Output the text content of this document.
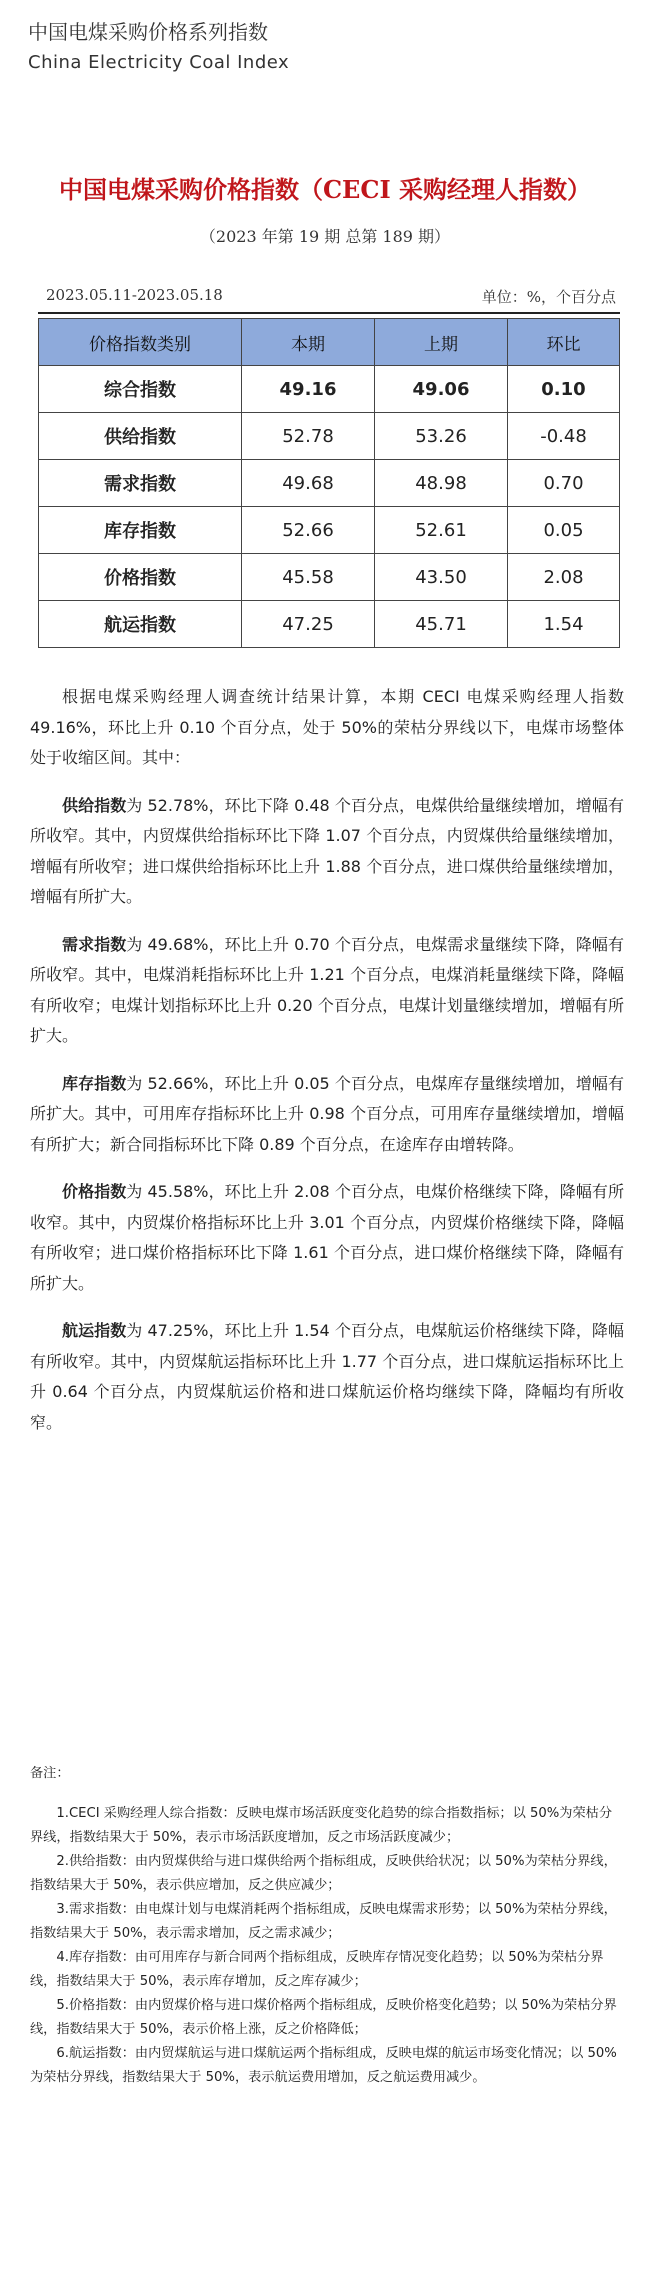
中国电煤采购价格系列指数
China Electricity Coal Index
中国电煤采购价格指数（CECI 采购经理人指数）
（2023 年第 19 期 总第 189 期）
2023.05.11-2023.05.18	单位：%，个百分点
价格指数类别	本期	上期	环比
综合指数	49.16	49.06	0.10
供给指数	52.78	53.26	-0.48
需求指数	49.68	48.98	0.70
库存指数	52.66	52.61	0.05
价格指数	45.58	43.50	2.08
航运指数	47.25	45.71	1.54

根据电煤采购经理人调查统计结果计算，本期 CECI 电煤采购经理人指数 49.16%，环比上升 0.10 个百分点，处于 50%的荣枯分界线以下，电煤市场整体处于收缩区间。其中：

供给指数为 52.78%，环比下降 0.48 个百分点，电煤供给量继续增加，增幅有所收窄。其中，内贸煤供给指标环比下降 1.07 个百分点，内贸煤供给量继续增加，增幅有所收窄；进口煤供给指标环比上升 1.88 个百分点，进口煤供给量继续增加，增幅有所扩大。

需求指数为 49.68%，环比上升 0.70 个百分点，电煤需求量继续下降，降幅有所收窄。其中，电煤消耗指标环比上升 1.21 个百分点，电煤消耗量继续下降，降幅有所收窄；电煤计划指标环比上升 0.20 个百分点，电煤计划量继续增加，增幅有所扩大。

库存指数为 52.66%，环比上升 0.05 个百分点，电煤库存量继续增加，增幅有所扩大。其中，可用库存指标环比上升 0.98 个百分点，可用库存量继续增加，增幅有所扩大；新合同指标环比下降 0.89 个百分点，在途库存由增转降。

价格指数为 45.58%，环比上升 2.08 个百分点，电煤价格继续下降，降幅有所收窄。其中，内贸煤价格指标环比上升 3.01 个百分点，内贸煤价格继续下降，降幅有所收窄；进口煤价格指标环比下降 1.61 个百分点，进口煤价格继续下降，降幅有所扩大。

航运指数为 47.25%，环比上升 1.54 个百分点，电煤航运价格继续下降，降幅有所收窄。其中，内贸煤航运指标环比上升 1.77 个百分点，进口煤航运指标环比上升 0.64 个百分点，内贸煤航运价格和进口煤航运价格均继续下降，降幅均有所收窄。

备注：

1.CECI 采购经理人综合指数：反映电煤市场活跃度变化趋势的综合指数指标；以 50%为荣枯分界线，指数结果大于 50%，表示市场活跃度增加，反之市场活跃度减少；

2.供给指数：由内贸煤供给与进口煤供给两个指标组成，反映供给状况；以 50%为荣枯分界线，指数结果大于 50%，表示供应增加，反之供应减少；

3.需求指数：由电煤计划与电煤消耗两个指标组成，反映电煤需求形势；以 50%为荣枯分界线，指数结果大于 50%，表示需求增加，反之需求减少；

4.库存指数：由可用库存与新合同两个指标组成，反映库存情况变化趋势；以 50%为荣枯分界线，指数结果大于 50%，表示库存增加，反之库存减少；

5.价格指数：由内贸煤价格与进口煤价格两个指标组成，反映价格变化趋势；以 50%为荣枯分界线，指数结果大于 50%，表示价格上涨，反之价格降低；

6.航运指数：由内贸煤航运与进口煤航运两个指标组成，反映电煤的航运市场变化情况；以 50%为荣枯分界线，指数结果大于 50%，表示航运费用增加，反之航运费用减少。
